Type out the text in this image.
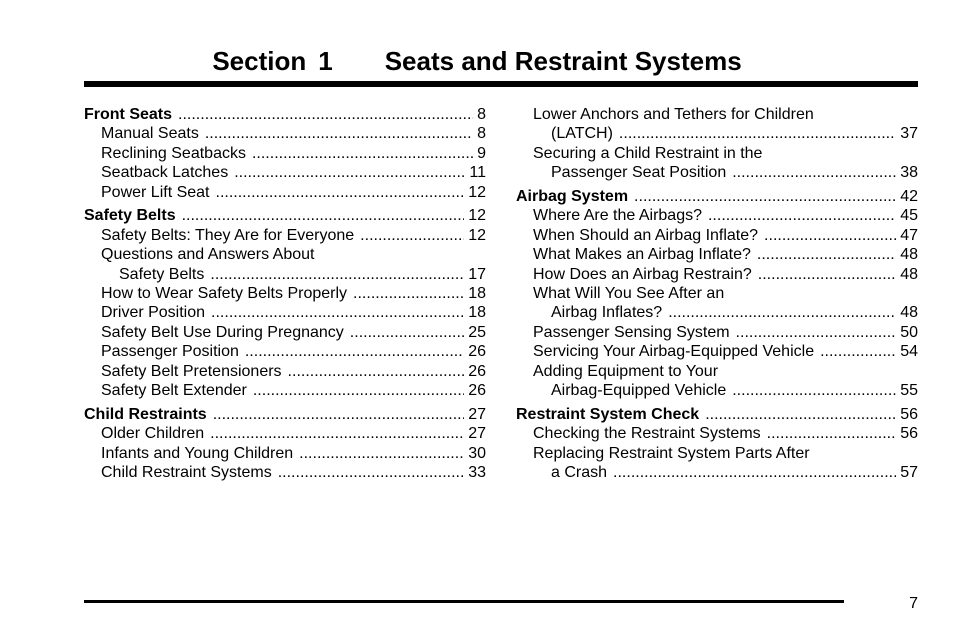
Section 1 Seats and Restraint Systems
Front Seats .....	8
Manual Seats .....	8
Reclining Seatbacks .....	9
Seatback Latches .....	11
Power Lift Seat .....	12
Safety Belts .....	12
Safety Belts: They Are for Everyone .....	12
Questions and Answers About
Safety Belts .....	17
How to Wear Safety Belts Properly .....	18
Driver Position .....	18
Safety Belt Use During Pregnancy .....	25
Passenger Position .....	26
Safety Belt Pretensioners .....	26
Safety Belt Extender .....	26
Child Restraints .....	27
Older Children .....	27
Infants and Young Children .....	30
Child Restraint Systems .....	33
Lower Anchors and Tethers for Children
(LATCH) .....	37
Securing a Child Restraint in the
Passenger Seat Position .....	38
Airbag System .....	42
Where Are the Airbags? .....	45
When Should an Airbag Inflate? .....	47
What Makes an Airbag Inflate? .....	48
How Does an Airbag Restrain? .....	48
What Will You See After an
Airbag Inflates? .....	48
Passenger Sensing System .....	50
Servicing Your Airbag-Equipped Vehicle .....	54
Adding Equipment to Your
Airbag-Equipped Vehicle .....	55
Restraint System Check .....	56
Checking the Restraint Systems .....	56
Replacing Restraint System Parts After
a Crash .....	57
7
